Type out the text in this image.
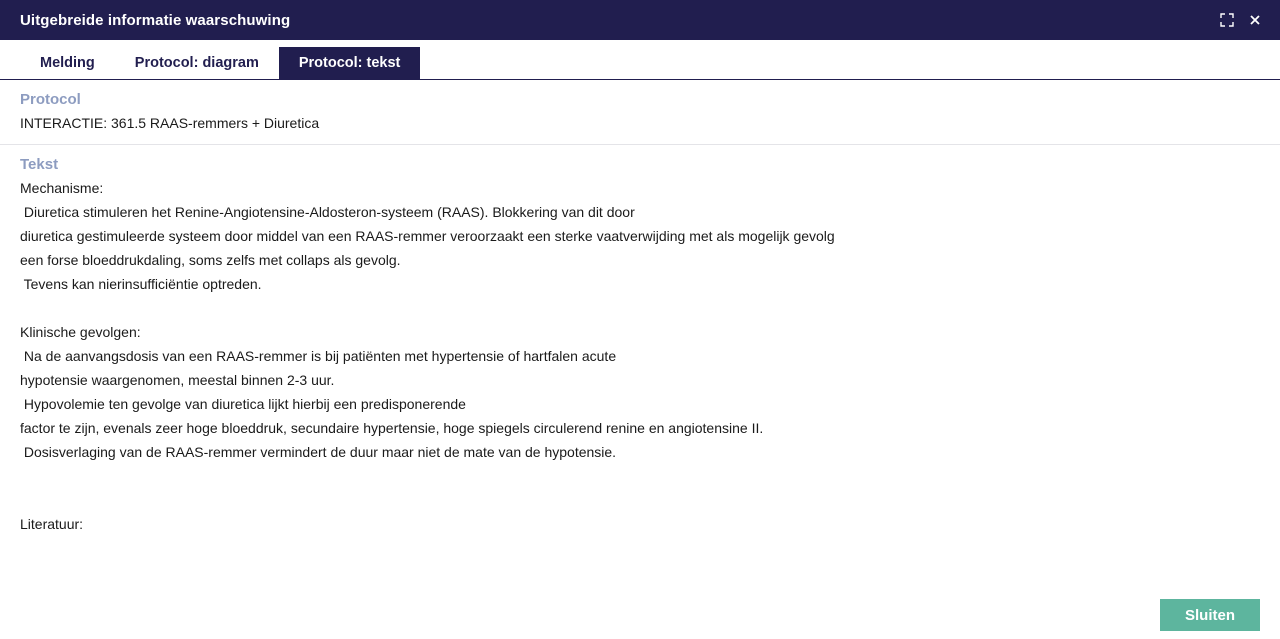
Uitgebreide informatie waarschuwing
Melding	Protocol: diagram	Protocol: tekst
Protocol
INTERACTIE: 361.5 RAAS-remmers + Diuretica
Tekst
Mechanisme:
Diuretica stimuleren het Renine-Angiotensine-Aldosteron-systeem (RAAS). Blokkering van dit door
diuretica gestimuleerde systeem door middel van een RAAS-remmer veroorzaakt een sterke vaatverwijding met als mogelijk gevolg
een forse bloeddrukdaling, soms zelfs met collaps als gevolg.
Tevens kan nierinsufficiëntie optreden.
Klinische gevolgen:
Na de aanvangsdosis van een RAAS-remmer is bij patiënten met hypertensie of hartfalen acute
hypotensie waargenomen, meestal binnen 2-3 uur.
Hypovolemie ten gevolge van diuretica lijkt hierbij een predisponerende
factor te zijn, evenals zeer hoge bloeddruk, secundaire hypertensie, hoge spiegels circulerend renine en angiotensine II.
Dosisverlaging van de RAAS-remmer vermindert de duur maar niet de mate van de hypotensie.
Literatuur:
Sluiten
